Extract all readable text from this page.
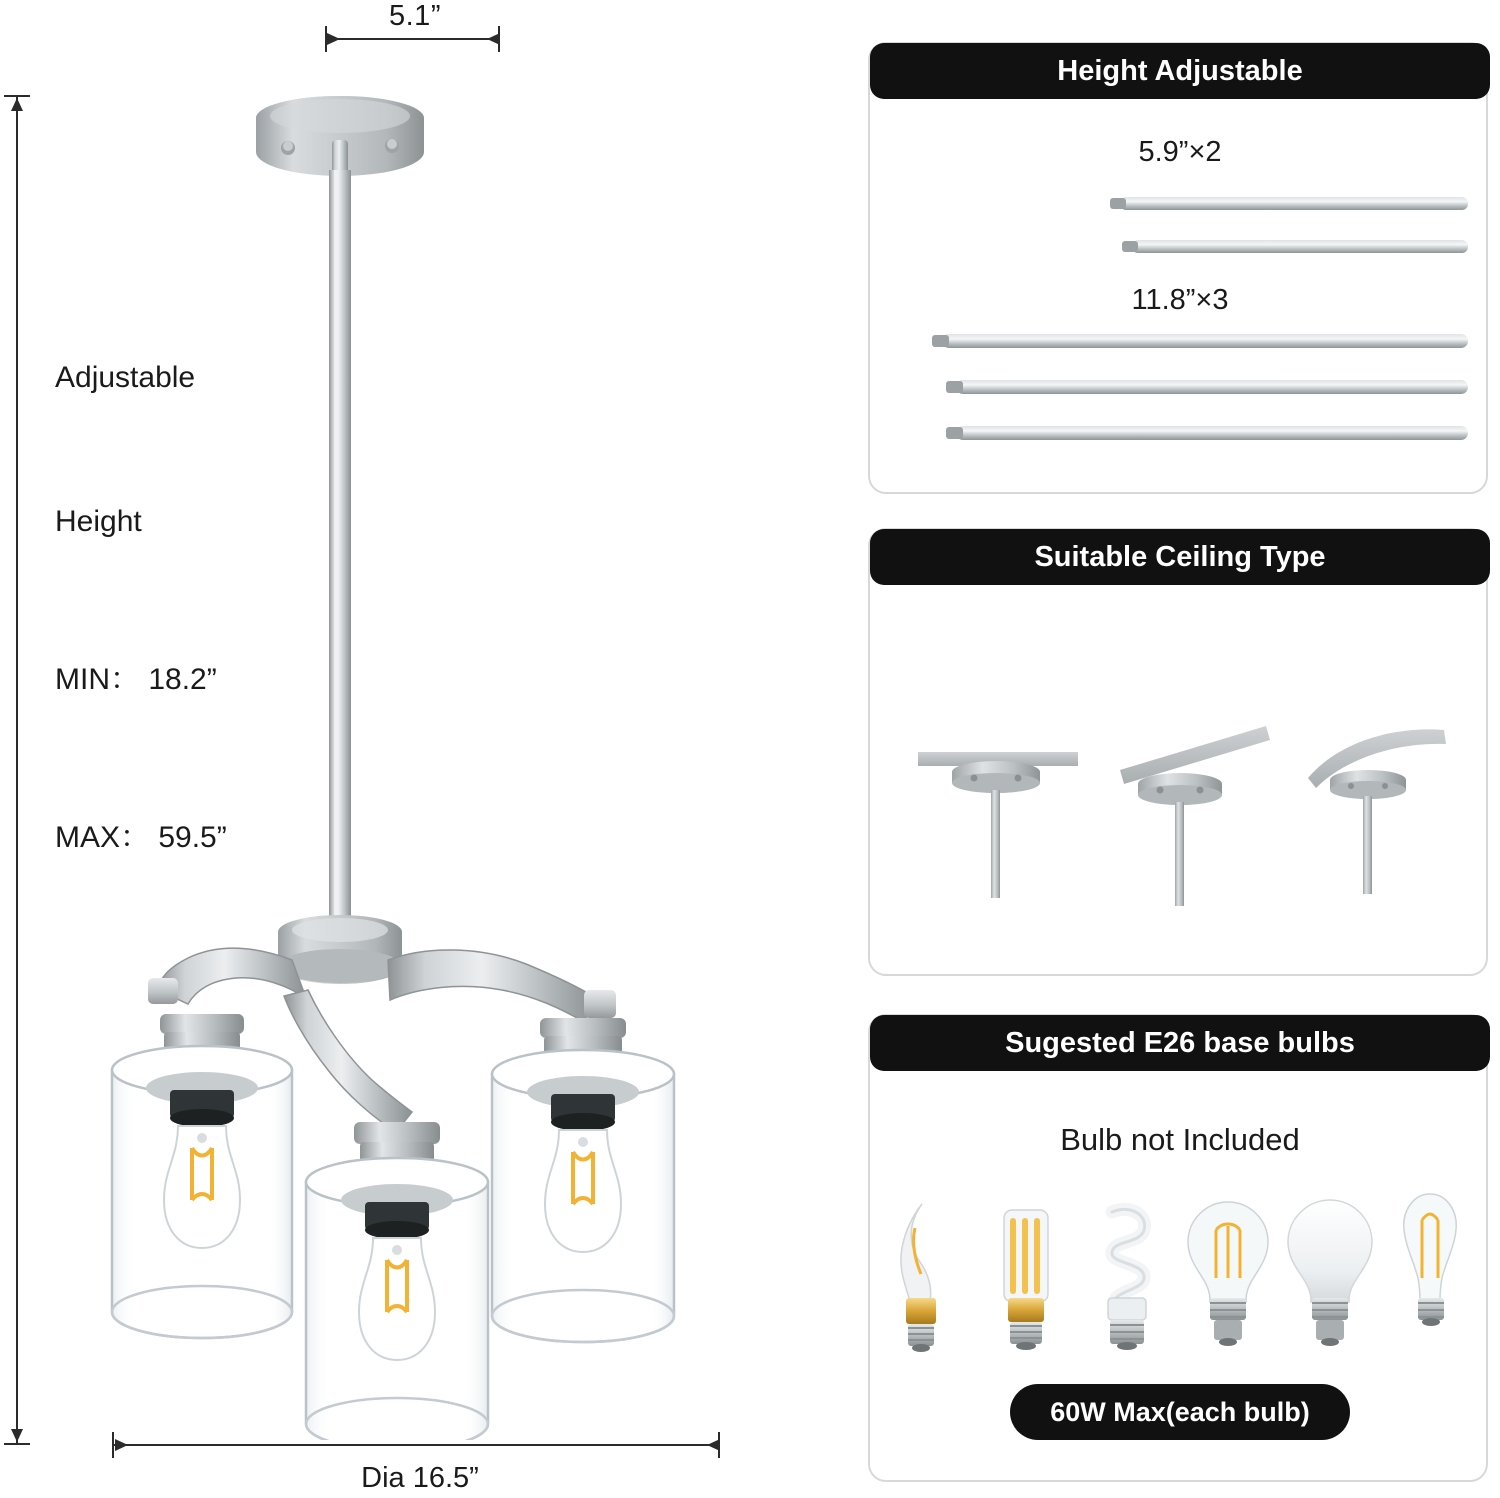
5.1”

Adjustable

Height

MIN： 18.2”

MAX： 59.5”

Dia 16.5”
Height Adjustable
5.9”×2
11.8”×3
Suitable Ceiling Type
Sugested E26 base bulbs
Bulb not Included
60W Max(each bulb)
